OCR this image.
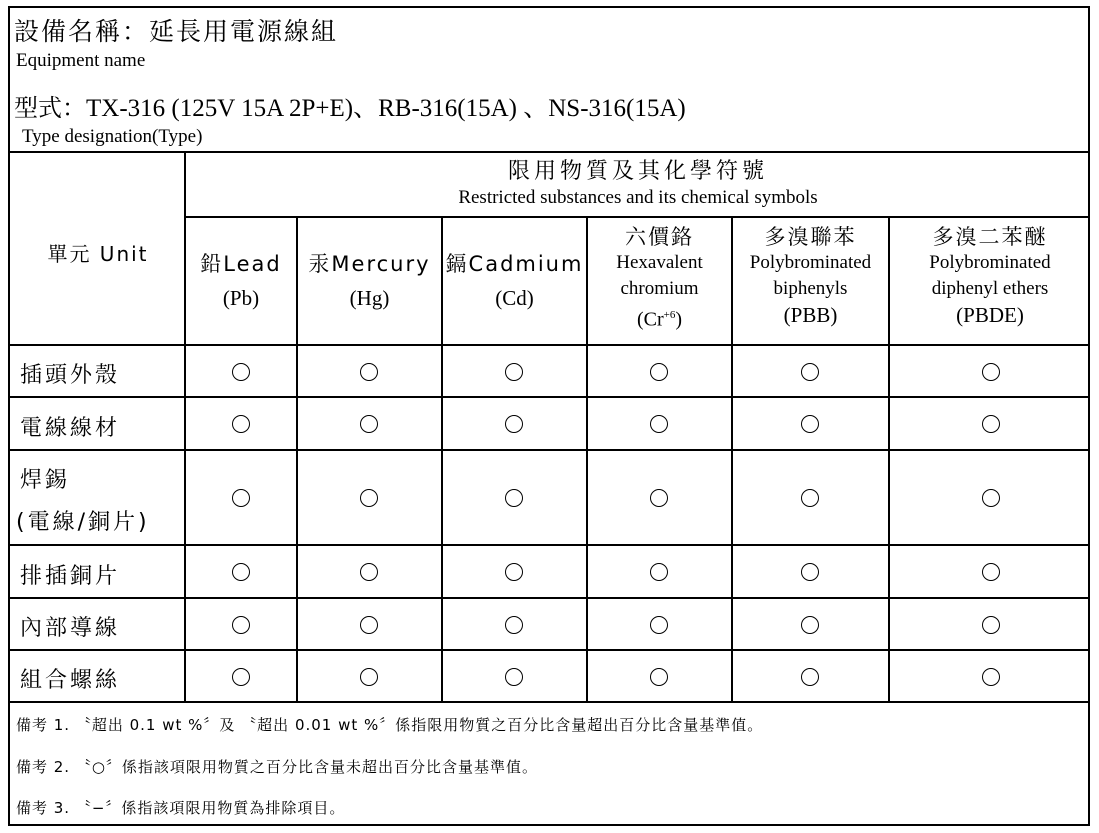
設備名稱：延長用電源線組
Equipment name
型式：TX-316 (125V 15A 2P+E)、RB-316(15A) 、NS-316(15A)
Type designation(Type)
單元 Unit
限用物質及其化學符號
Restricted substances and its chemical symbols
鉛Lead
(Pb)
汞Mercury
(Hg)
鎘Cadmium
(Cd)
六價鉻
Hexavalent
chromium
$(Cr^{+6})$
多溴聯苯
Polybrominated
biphenyls
(PBB)
多溴二苯醚
Polybrominated
diphenyl ethers
(PBDE)
插頭外殼
電線線材
焊錫
(電線/銅片)
排插銅片
內部導線
組合螺絲
備考 1. 〝超出 0.1 wt %〞及 〝超出 0.01 wt %〞係指限用物質之百分比含量超出百分比含量基準值。
備考 2. 〝○〞係指該項限用物質之百分比含量未超出百分比含量基準值。
備考 3. 〝−〞係指該項限用物質為排除項目。
